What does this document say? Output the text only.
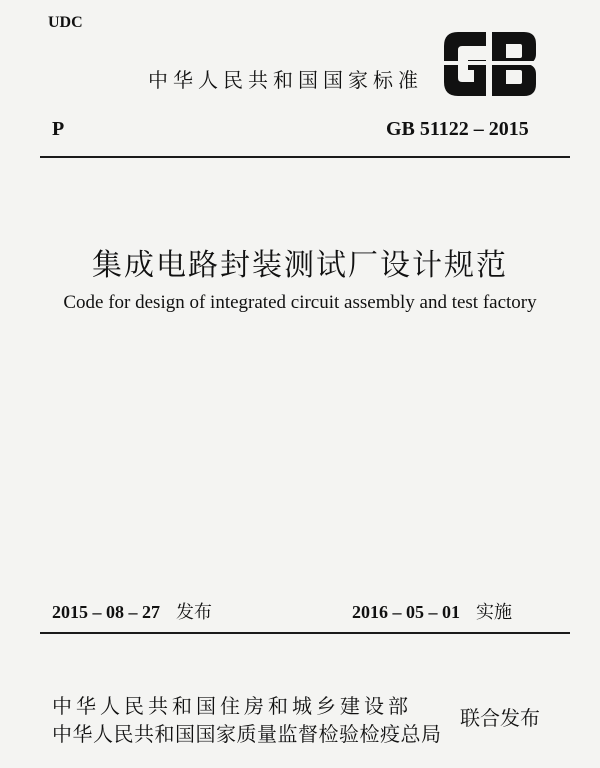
UDC
中华人民共和国国家标准
P	GB 51122 – 2015
集成电路封装测试厂设计规范
Code for design of integrated circuit assembly and test factory
2015 – 08 – 27 发布	2016 – 05 – 01 实施
中华人民共和国住房和城乡建设部
中华人民共和国国家质量监督检验检疫总局
联合发布
